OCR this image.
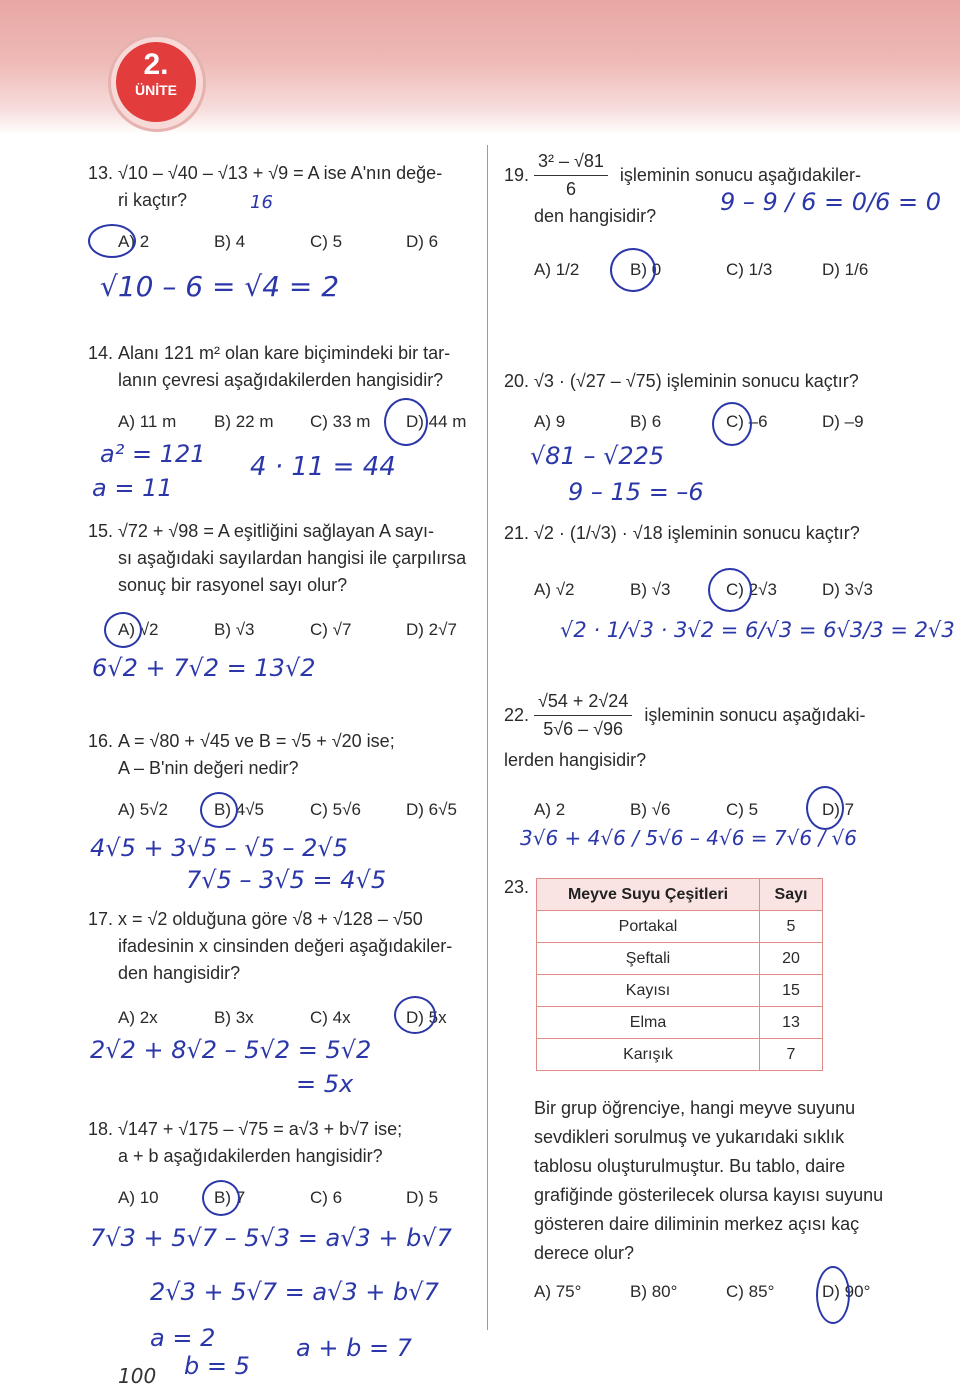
2.
ÜNİTE
13. √10 – √40 – √13 + √9 = A ise A'nın değe-
ri kaçtır?
A) 2	B) 4	C) 5	D) 6
16
√10 – 6 = √4 = 2
14. Alanı 121 m² olan kare biçimindeki bir tar-
lanın çevresi aşağıdakilerden hangisidir?
A) 11 m B) 22 m C) 33 m D) 44 m
a² = 121 4 · 11 = 44
a = 11
15. √72 + √98 = A eşitliğini sağlayan A sayı-
sı aşağıdaki sayılardan hangisi ile çarpılırsa
sonuç bir rasyonel sayı olur?
A) √2	B) √3	C) √7	D) 2√7
6√2 + 7√2 = 13√2
16. A = √80 + √45 ve B = √5 + √20 ise;
A – B'nin değeri nedir?
A) 5√2	B) 4√5	C) 5√6	D) 6√5
4√5 + 3√5 – √5 – 2√5
7√5 – 3√5 = 4√5
17. x = √2 olduğuna göre √8 + √128 – √50
ifadesinin x cinsinden değeri aşağıdakiler-
den hangisidir?
A) 2x	B) 3x	C) 4x	D) 5x
2√2 + 8√2 – 5√2 = 5√2
= 5x
18. √147 + √175 – √75 = a√3 + b√7 ise;
a + b aşağıdakilerden hangisidir?
A) 10	B) 7	C) 6	D) 5
7√3 + 5√7 – 5√3 = a√3 + b√7
2√3 + 5√7 = a√3 + b√7
a = 2	a + b = 7
b = 5
100
19. $\frac{\text{3² – √81}}{6}$ işleminin sonucu aşağıdakiler-
den hangisidir?
A) 1/2	B) 0	C) 1/3	D) 1/6
9 – 9 / 6 = 0/6 = 0
20. √3 · (√27 – √75) işleminin sonucu kaçtır?
A) 9	B) 6	C) –6	D) –9
√81 – √225
9 – 15 = –6
21. √2 · (1/√3) · √18 işleminin sonucu kaçtır?
A) √2	B) √3	C) 2√3	D) 3√3
√2 · 1/√3 · 3√2 = 6/√3 = 6√3/3 = 2√3
22. $\frac{√54 + 2√24}{5√6 - √96}$ işleminin sonucu aşağıdaki-
lerden hangisidir?
A) 2	B) √6	C) 5	D) 7
3√6 + 4√6 / 5√6 – 4√6 = 7√6 / √6
23.	Meyve Suyu Çeşitleri	Sayı
Portakal	5
Şeftali	20
Kayısı	15
Elma	13
Karışık	7
Bir grup öğrenciye, hangi meyve suyunu sevdikleri sorulmuş ve yukarıdaki sıklık tablosu oluşturulmuştur. Bu tablo, daire grafiğinde gösterilecek olursa kayısı suyunu gösteren daire diliminin merkez açısı kaç derece olur?
A) 75°	B) 80°	C) 85°	D) 90°
